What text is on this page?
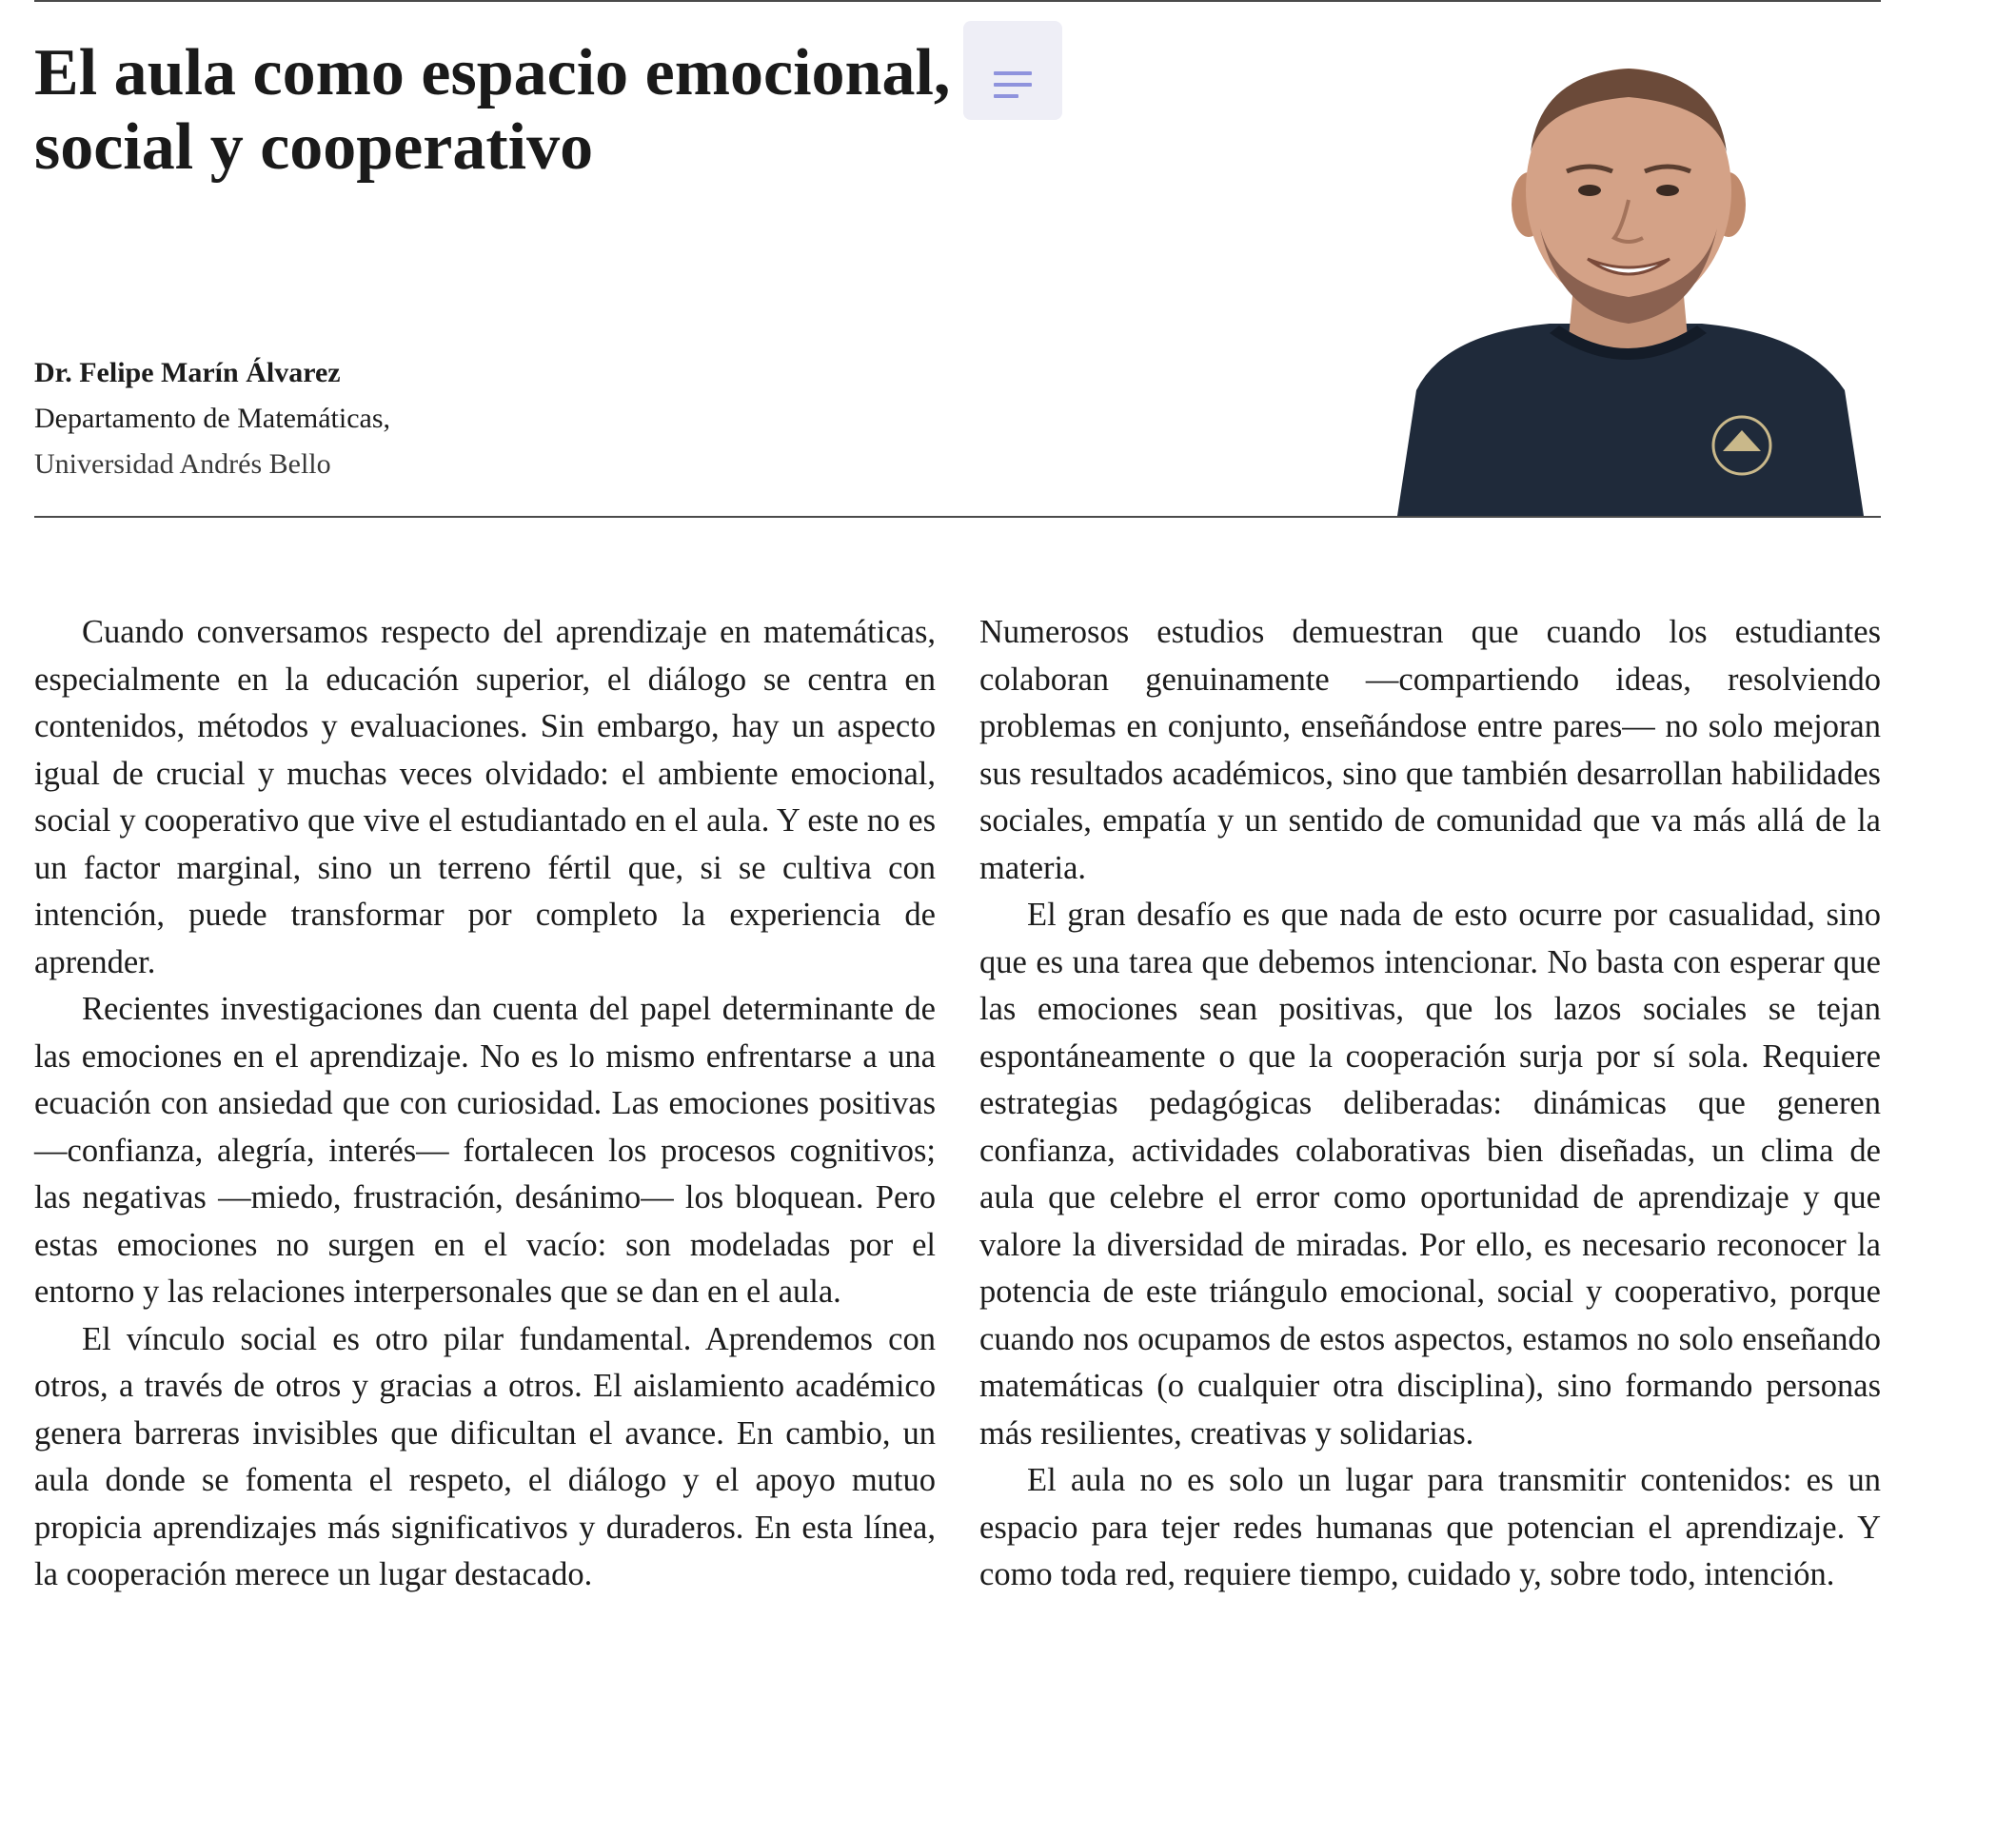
El aula como espacio emocional,
social y cooperativo
Dr. Felipe Marín Álvarez
Departamento de Matemáticas,
Universidad Andrés Bello

Cuando conversamos respecto del aprendizaje en matemáticas, especialmente en la educación superior, el diálogo se centra en contenidos, métodos y evaluaciones. Sin embargo, hay un aspecto igual de crucial y muchas veces olvidado: el ambiente emocional, social y cooperativo que vive el estudiantado en el aula. Y este no es un factor marginal, sino un terreno fértil que, si se cultiva con intención, puede transformar por completo la experiencia de aprender.

Recientes investigaciones dan cuenta del papel determinante de las emociones en el aprendizaje. No es lo mismo enfrentarse a una ecuación con ansiedad que con curiosidad. Las emociones positivas —confianza, alegría, interés— fortalecen los procesos cognitivos; las negativas —miedo, frustración, desánimo— los bloquean. Pero estas emociones no surgen en el vacío: son modeladas por el entorno y las relaciones interpersonales que se dan en el aula.

El vínculo social es otro pilar fundamental. Aprendemos con otros, a través de otros y gracias a otros. El aislamiento académico genera barreras invisibles que dificultan el avance. En cambio, un aula donde se fomenta el respeto, el diálogo y el apoyo mutuo propicia aprendizajes más significativos y duraderos. En esta línea, la cooperación merece un lugar destacado.

Numerosos estudios demuestran que cuando los estudiantes colaboran genuinamente —compartiendo ideas, resolviendo problemas en conjunto, enseñándose entre pares— no solo mejoran sus resultados académicos, sino que también desarrollan habilidades sociales, empatía y un sentido de comunidad que va más allá de la materia.

El gran desafío es que nada de esto ocurre por casualidad, sino que es una tarea que debemos intencionar. No basta con esperar que las emociones sean positivas, que los lazos sociales se tejan espontáneamente o que la cooperación surja por sí sola. Requiere estrategias pedagógicas deliberadas: dinámicas que generen confianza, actividades colaborativas bien diseñadas, un clima de aula que celebre el error como oportunidad de aprendizaje y que valore la diversidad de miradas. Por ello, es necesario reconocer la potencia de este triángulo emocional, social y cooperativo, porque cuando nos ocupamos de estos aspectos, estamos no solo enseñando matemáticas (o cualquier otra disciplina), sino formando personas más resilientes, creativas y solidarias.

El aula no es solo un lugar para transmitir contenidos: es un espacio para tejer redes humanas que potencian el aprendizaje. Y como toda red, requiere tiempo, cuidado y, sobre todo, intención.
